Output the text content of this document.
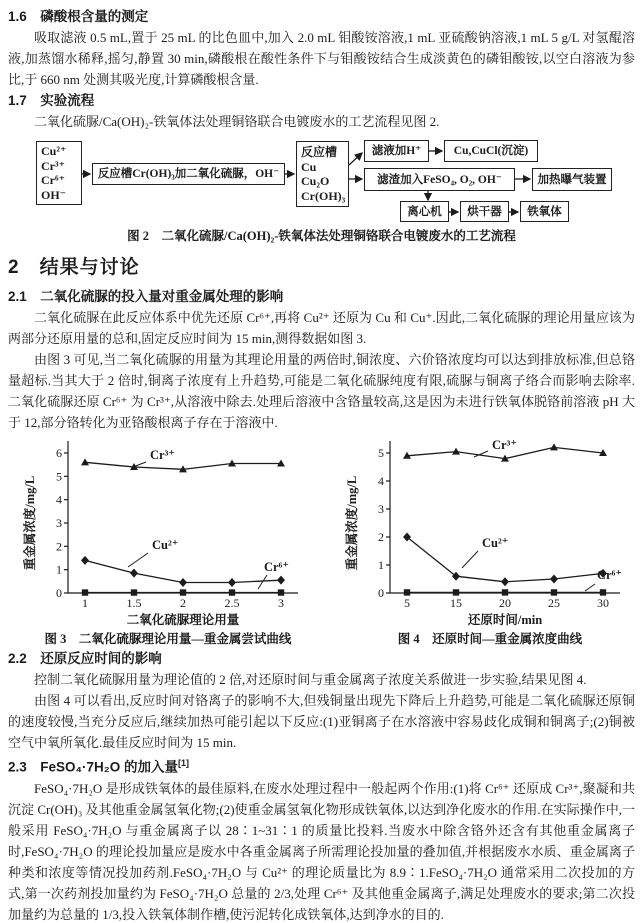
1.6　磷酸根含量的测定

吸取滤液 0.5 mL,置于 25 mL 的比色皿中,加入 2.0 mL 钼酸铵溶液,1 mL 亚硫酸钠溶液,1 mL 5 g/L 对氢醌溶液,加蒸馏水稀释,摇匀,静置 30 min,磷酸根在酸性条件下与钼酸铵结合生成淡黄色的磷钼酸铵,以空白溶液为参比,于 660 nm 处测其吸光度,计算磷酸根含量.

1.7　实验流程

二氧化硫脲/Ca(OH)₂-铁氧体法处理铜铬联合电镀废水的工艺流程见图 2.

Cu²⁺
Cr³⁺
Cr⁶⁺
OH⁻
反应槽Cr(OH)₃加二氧化硫脲，OH⁻
反应槽
Cu
Cu₂O
Cr(OH)₃
滤液加H⁺	Cu,CuCl(沉淀)
滤渣加入FeSO₄, O₂, OH⁻	加热曝气装置
离心机	烘干器	铁氧体
图 2　二氧化硫脲/Ca(OH)₂-铁氧体法处理铜铬联合电镀废水的工艺流程
2　结果与讨论
2.1　二氧化硫脲的投入量对重金属处理的影响

二氧化硫脲在此反应体系中优先还原 Cr⁶⁺,再将 Cu²⁺ 还原为 Cu 和 Cu⁺.因此,二氧化硫脲的理论用量应该为两部分还原用量的总和,固定反应时间为 15 min,测得数据如图 3.

由图 3 可见,当二氧化硫脲的用量为其理论用量的两倍时,铜浓度、六价铬浓度均可以达到排放标准,但总铬量超标.当其大于 2 倍时,铜离子浓度有上升趋势,可能是二氧化硫脲纯度有限,硫脲与铜离子络合而影响去除率.二氧化硫脲还原 Cr⁶⁺ 为 Cr³⁺,从溶液中除去.处理后溶液中含铬量较高,这是因为未进行铁氧体脱铬前溶液 pH 大于 12,部分铬转化为亚铬酸根离子存在于溶液中.

0
1
2
3
4
5
6
1	1.5	2	2.5	3
二氧化硫脲理论用量
重金属浓度/mg/L
Cr³⁺
Cu²⁺
Cr⁶⁺
图 3　二氧化硫脲理论用量—重金属尝试曲线
0
1
2
3
4
5
5	15	20	25	30
还原时间/min
重金属浓度/mg/L
Cr³⁺
Cu²⁺
Cr⁶⁺
图 4　还原时间—重金属浓度曲线
2.2　还原反应时间的影响

控制二氧化硫脲用量为理论值的 2 倍,对还原时间与重金属离子浓度关系做进一步实验,结果见图 4.

由图 4 可以看出,反应时间对铬离子的影响不大,但残铜量出现先下降后上升趋势,可能是二氧化硫脲还原铜的速度较慢,当充分反应后,继续加热可能引起以下反应:(1)亚铜离子在水溶液中容易歧化成铜和铜离子;(2)铜被空气中氧所氧化.最佳反应时间为 15 min.

2.3　FeSO₄·7H₂O 的加入量[1]

FeSO₄·7H₂O 是形成铁氧体的最佳原料,在废水处理过程中一般起两个作用:(1)将 Cr⁶⁺ 还原成 Cr³⁺,聚凝和共沉淀 Cr(OH)₃ 及其他重金属氢氧化物;(2)使重金属氢氧化物形成铁氧体,以达到净化废水的作用.在实际操作中,一般采用 FeSO₄·7H₂O 与重金属离子以 28∶1~31∶1 的质量比投料.当废水中除含铬外还含有其他重金属离子时,FeSO₄·7H₂O 的理论投加量应是废水中各重金属离子所需理论投加量的叠加值,并根据废水水质、重金属离子种类和浓度等情况投加药剂.FeSO₄·7H₂O 与 Cu²⁺ 的理论质量比为 8.9∶1.FeSO₄·7H₂O 通常采用二次投加的方式,第一次药剂投加量约为 FeSO₄·7H₂O 总量的 2/3,处理 Cr⁶⁺ 及其他重金属离子,满足处理废水的要求;第二次投加量约为总量的 1/3,投入铁氧体制作槽,使污泥转化成铁氧体,达到净水的目的.
